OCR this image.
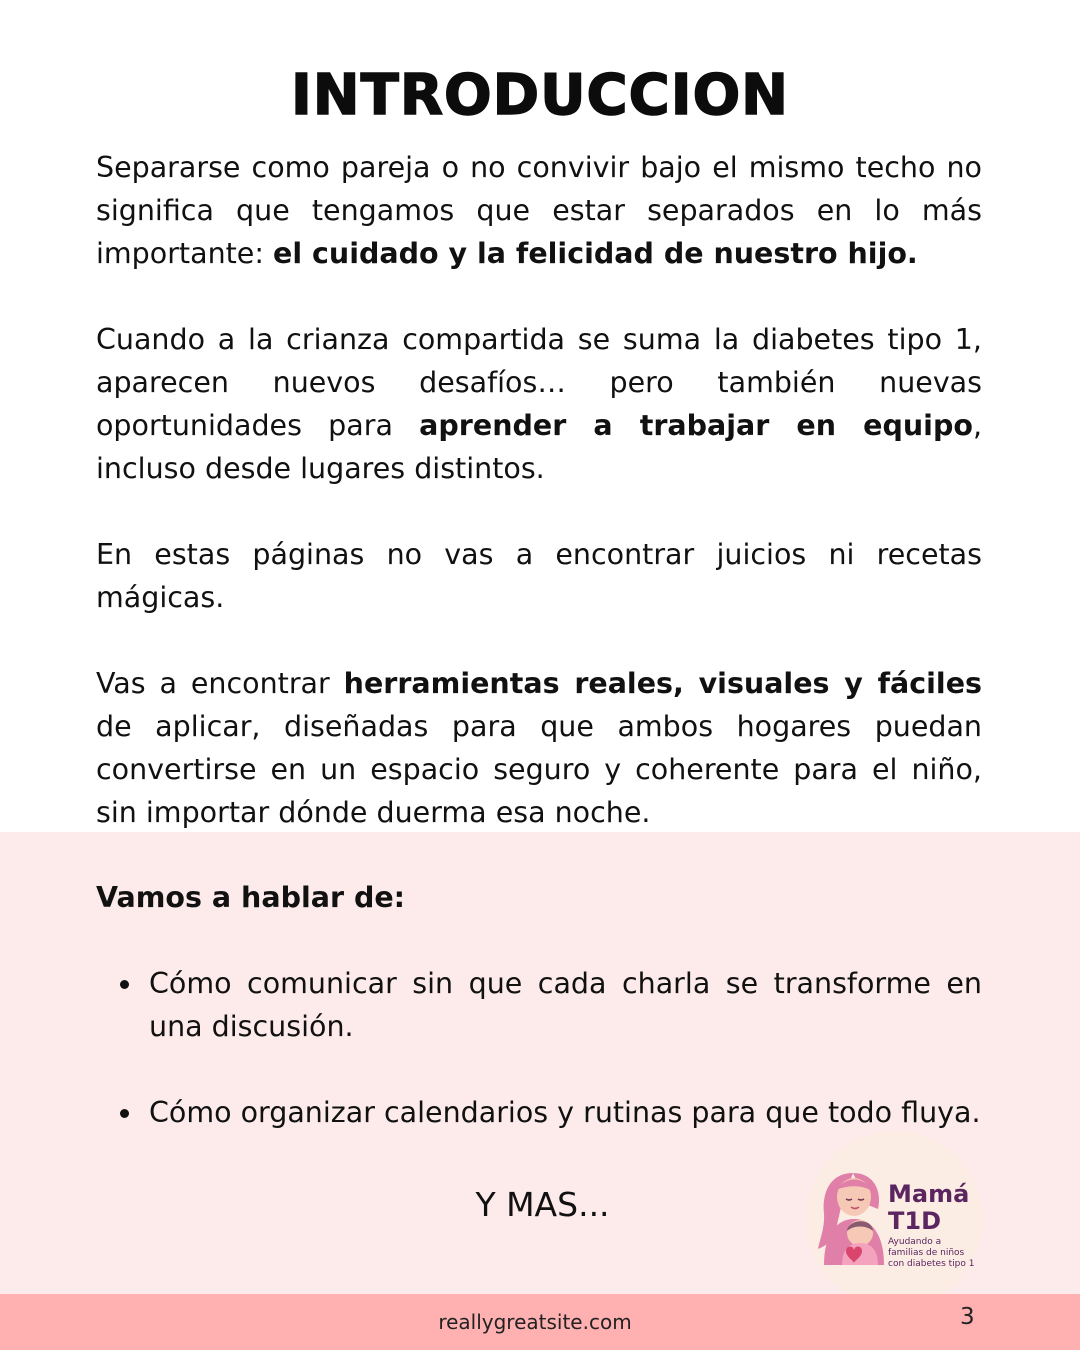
INTRODUCCION

Separarse como pareja o no convivir bajo el mismo techo no significa que tengamos que estar separados en lo más importante: el cuidado y la felicidad de nuestro hijo.

Cuando a la crianza compartida se suma la diabetes tipo 1, aparecen nuevos desafíos… pero también nuevas oportunidades para aprender a trabajar en equipo, incluso desde lugares distintos.

En estas páginas no vas a encontrar juicios ni recetas mágicas.

Vas a encontrar herramientas reales, visuales y fáciles de aplicar, diseñadas para que ambos hogares puedan convertirse en un espacio seguro y coherente para el niño, sin importar dónde duerma esa noche.

Vamos a hablar de:

Cómo comunicar sin que cada charla se transforme en una discusión.
Cómo organizar calendarios y rutinas para que todo fluya.
Y MAS...	Mamá
T1D
Ayudando a familias de niños con diabetes tipo 1
reallygreatsite.com	3
